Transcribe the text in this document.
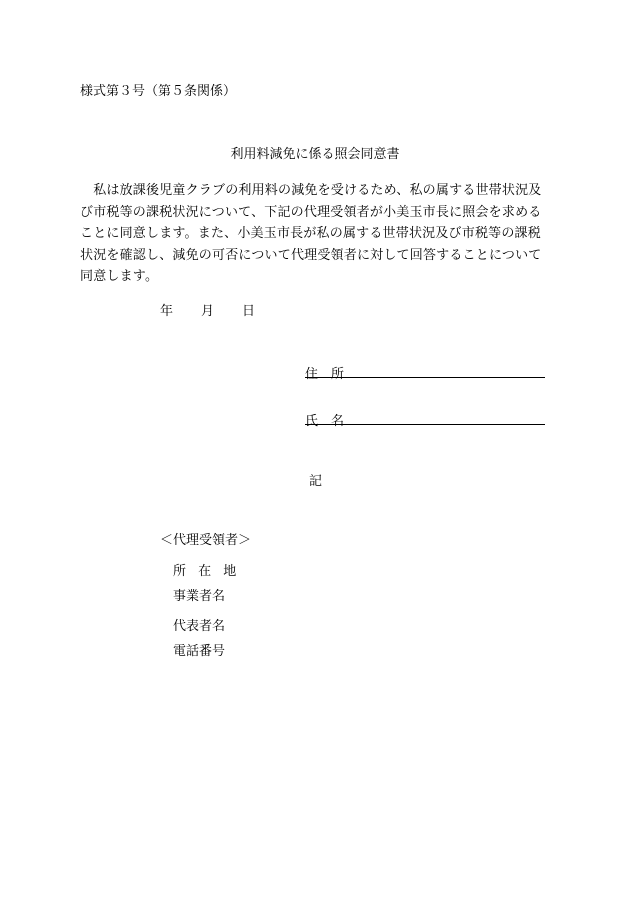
様式第３号（第５条関係）
利用料減免に係る照会同意書
　私は放課後児童クラブの利用料の減免を受けるため、私の属する世帯状況及
び市税等の課税状況について、下記の代理受領者が小美玉市長に照会を求める
ことに同意します。また、小美玉市長が私の属する世帯状況及び市税等の課税
状況を確認し、減免の可否について代理受領者に対して回答することについて
同意します。
年 月 日
住　所
氏　名
記
＜代理受領者＞
所 在 地
事業者名
代表者名
電話番号
